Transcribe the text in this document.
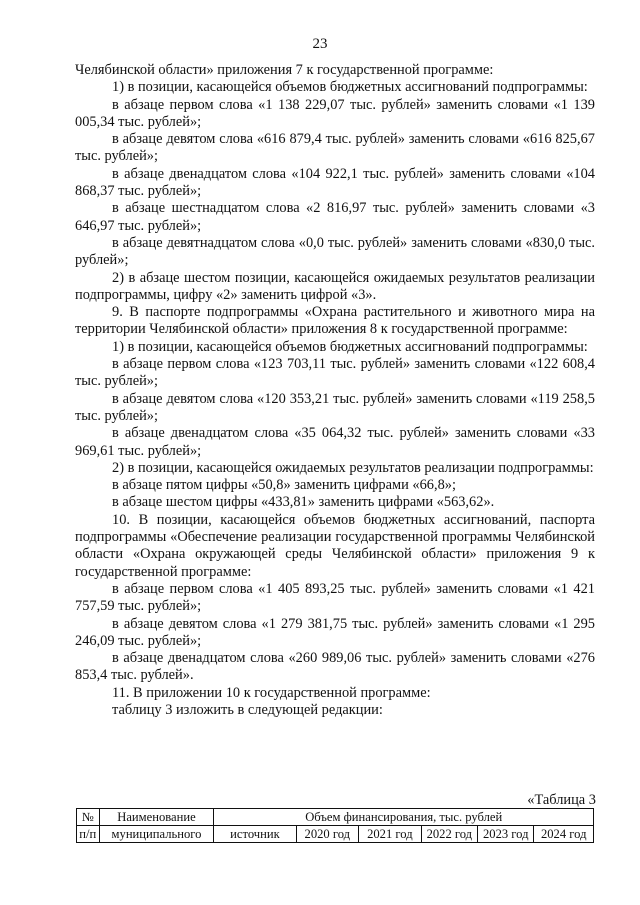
23

Челябинской области» приложения 7 к государственной программе:

1) в позиции, касающейся объемов бюджетных ассигнований подпрограммы:

в абзаце первом слова «1 138 229,07 тыс. рублей» заменить словами «1 139 005,34 тыс. рублей»;

в абзаце девятом слова «616 879,4 тыс. рублей» заменить словами «616 825,67 тыс. рублей»;

в абзаце двенадцатом слова «104 922,1 тыс. рублей» заменить словами «104 868,37 тыс. рублей»;

в абзаце шестнадцатом слова «2 816,97 тыс. рублей» заменить словами «3 646,97 тыс. рублей»;

в абзаце девятнадцатом слова «0,0 тыс. рублей» заменить словами «830,0 тыс. рублей»;

2) в абзаце шестом позиции, касающейся ожидаемых результатов реализации подпрограммы, цифру «2» заменить цифрой «3».

9. В паспорте подпрограммы «Охрана растительного и животного мира на территории Челябинской области» приложения 8 к государственной программе:

1) в позиции, касающейся объемов бюджетных ассигнований подпрограммы:

в абзаце первом слова «123 703,11 тыс. рублей» заменить словами «122 608,4 тыс. рублей»;

в абзаце девятом слова «120 353,21 тыс. рублей» заменить словами «119 258,5 тыс. рублей»;

в абзаце двенадцатом слова «35 064,32 тыс. рублей» заменить словами «33 969,61 тыс. рублей»;

2) в позиции, касающейся ожидаемых результатов реализации подпрограммы:

в абзаце пятом цифры «50,8» заменить цифрами «66,8»;

в абзаце шестом цифры «433,81» заменить цифрами «563,62».

10. В позиции, касающейся объемов бюджетных ассигнований, паспорта подпрограммы «Обеспечение реализации государственной программы Челябинской области «Охрана окружающей среды Челябинской области» приложения 9 к государственной программе:

в абзаце первом слова «1 405 893,25 тыс. рублей» заменить словами «1 421 757,59 тыс. рублей»;

в абзаце девятом слова «1 279 381,75 тыс. рублей» заменить словами «1 295 246,09 тыс. рублей»;

в абзаце двенадцатом слова «260 989,06 тыс. рублей» заменить словами «276 853,4 тыс. рублей».

11. В приложении 10 к государственной программе:

таблицу 3 изложить в следующей редакции:

«Таблица 3
№	Наименование	Объем финансирования, тыс. рублей					
п/п	муниципального	источник	2020 год	2021 год	2022 год	2023 год	2024 год
